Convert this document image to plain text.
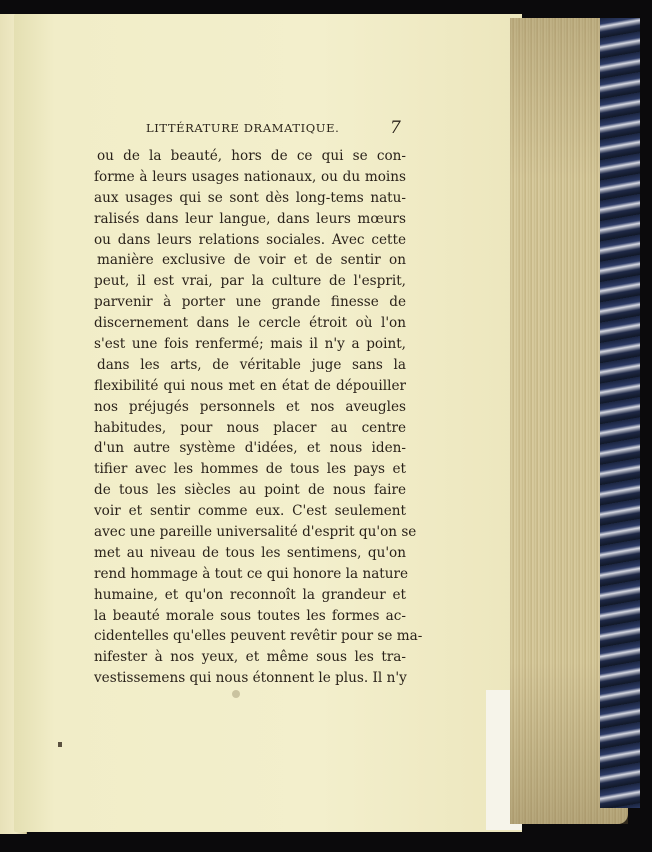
LITTÉRATURE DRAMATIQUE.	7
ou de la beauté, hors de ce qui se con-
forme à leurs usages nationaux, ou du moins
aux usages qui se sont dès long-tems natu-
ralisés dans leur langue, dans leurs mœurs
ou dans leurs relations sociales. Avec cette
manière exclusive de voir et de sentir on
peut, il est vrai, par la culture de l'esprit,
parvenir à porter une grande finesse de
discernement dans le cercle étroit où l'on
s'est une fois renfermé; mais il n'y a point,
dans les arts, de véritable juge sans la
flexibilité qui nous met en état de dépouiller
nos préjugés personnels et nos aveugles
habitudes, pour nous placer au centre
d'un autre système d'idées, et nous iden-
tifier avec les hommes de tous les pays et
de tous les siècles au point de nous faire
voir et sentir comme eux. C'est seulement
avec une pareille universalité d'esprit qu'on se
met au niveau de tous les sentimens, qu'on
rend hommage à tout ce qui honore la nature
humaine, et qu'on reconnoît la grandeur et
la beauté morale sous toutes les formes ac-
cidentelles qu'elles peuvent revêtir pour se ma-
nifester à nos yeux, et même sous les tra-
vestissemens qui nous étonnent le plus. Il n'y
